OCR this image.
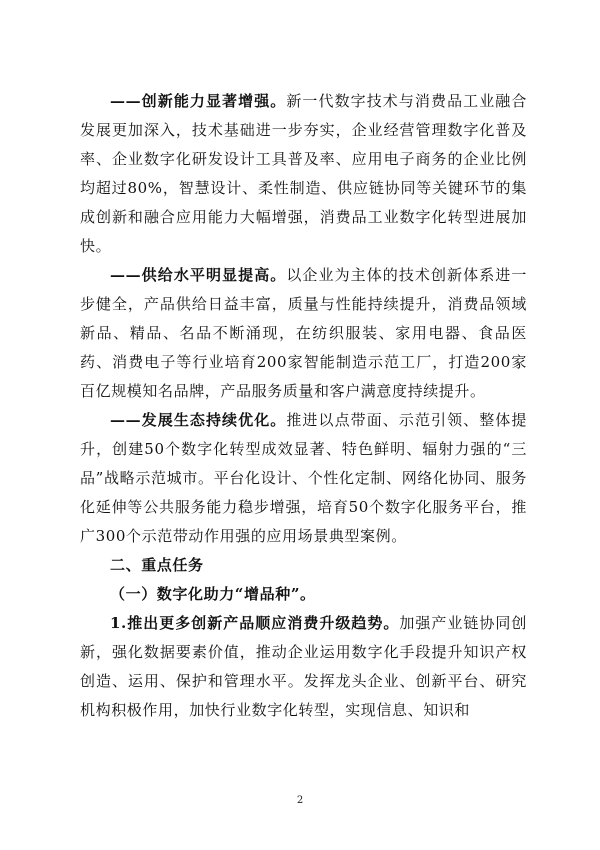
——创新能力显著增强。新一代数字技术与消费品工业融合发展更加深入，技术基础进一步夯实，企业经营管理数字化普及率、企业数字化研发设计工具普及率、应用电子商务的企业比例均超过80%，智慧设计、柔性制造、供应链协同等关键环节的集成创新和融合应用能力大幅增强，消费品工业数字化转型进展加快。

——供给水平明显提高。以企业为主体的技术创新体系进一步健全，产品供给日益丰富，质量与性能持续提升，消费品领域新品、精品、名品不断涌现，在纺织服装、家用电器、食品医药、消费电子等行业培育200家智能制造示范工厂，打造200家百亿规模知名品牌，产品服务质量和客户满意度持续提升。

——发展生态持续优化。推进以点带面、示范引领、整体提升，创建50个数字化转型成效显著、特色鲜明、辐射力强的“三品”战略示范城市。平台化设计、个性化定制、网络化协同、服务化延伸等公共服务能力稳步增强，培育50个数字化服务平台，推广300个示范带动作用强的应用场景典型案例。

二、重点任务

（一）数字化助力“增品种”。

1.推出更多创新产品顺应消费升级趋势。加强产业链协同创新，强化数据要素价值，推动企业运用数字化手段提升知识产权创造、运用、保护和管理水平。发挥龙头企业、创新平台、研究机构积极作用，加快行业数字化转型，实现信息、知识和

2
